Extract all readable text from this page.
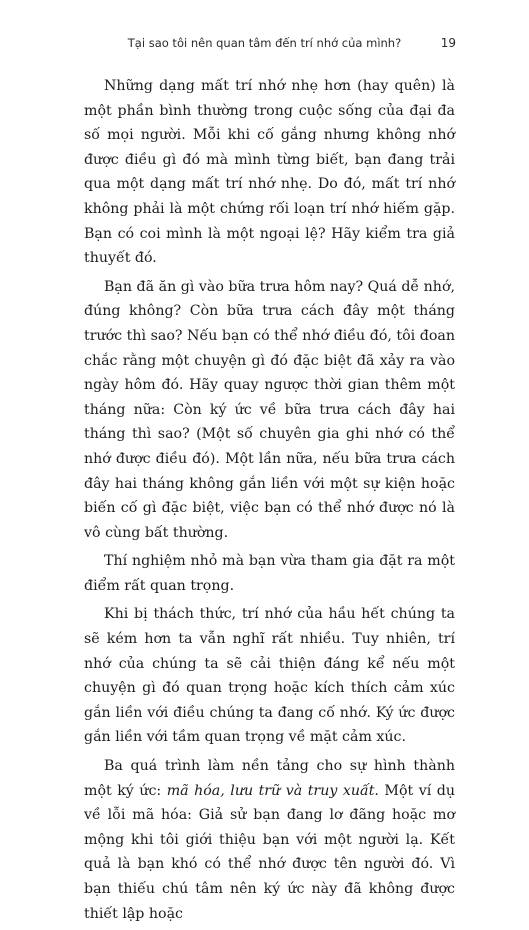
Tại sao tôi nên quan tâm đến trí nhớ của mình?	19

Những dạng mất trí nhớ nhẹ hơn (hay quên) là một phần bình thường trong cuộc sống của đại đa số mọi người. Mỗi khi cố gắng nhưng không nhớ được điều gì đó mà mình từng biết, bạn đang trải qua một dạng mất trí nhớ nhẹ. Do đó, mất trí nhớ không phải là một chứng rối loạn trí nhớ hiếm gặp. Bạn có coi mình là một ngoại lệ? Hãy kiểm tra giả thuyết đó.

Bạn đã ăn gì vào bữa trưa hôm nay? Quá dễ nhớ, đúng không? Còn bữa trưa cách đây một tháng trước thì sao? Nếu bạn có thể nhớ điều đó, tôi đoan chắc rằng một chuyện gì đó đặc biệt đã xảy ra vào ngày hôm đó. Hãy quay ngược thời gian thêm một tháng nữa: Còn ký ức về bữa trưa cách đây hai tháng thì sao? (Một số chuyên gia ghi nhớ có thể nhớ được điều đó). Một lần nữa, nếu bữa trưa cách đây hai tháng không gắn liền với một sự kiện hoặc biến cố gì đặc biệt, việc bạn có thể nhớ được nó là vô cùng bất thường.

Thí nghiệm nhỏ mà bạn vừa tham gia đặt ra một điểm rất quan trọng.

Khi bị thách thức, trí nhớ của hầu hết chúng ta sẽ kém hơn ta vẫn nghĩ rất nhiều. Tuy nhiên, trí nhớ của chúng ta sẽ cải thiện đáng kể nếu một chuyện gì đó quan trọng hoặc kích thích cảm xúc gắn liền với điều chúng ta đang cố nhớ. Ký ức được gắn liền với tầm quan trọng về mặt cảm xúc.

Ba quá trình làm nền tảng cho sự hình thành một ký ức: mã hóa, lưu trữ và truy xuất. Một ví dụ về lỗi mã hóa: Giả sử bạn đang lơ đãng hoặc mơ mộng khi tôi giới thiệu bạn với một người lạ. Kết quả là bạn khó có thể nhớ được tên người đó. Vì bạn thiếu chú tâm nên ký ức này đã không được thiết lập hoặc
